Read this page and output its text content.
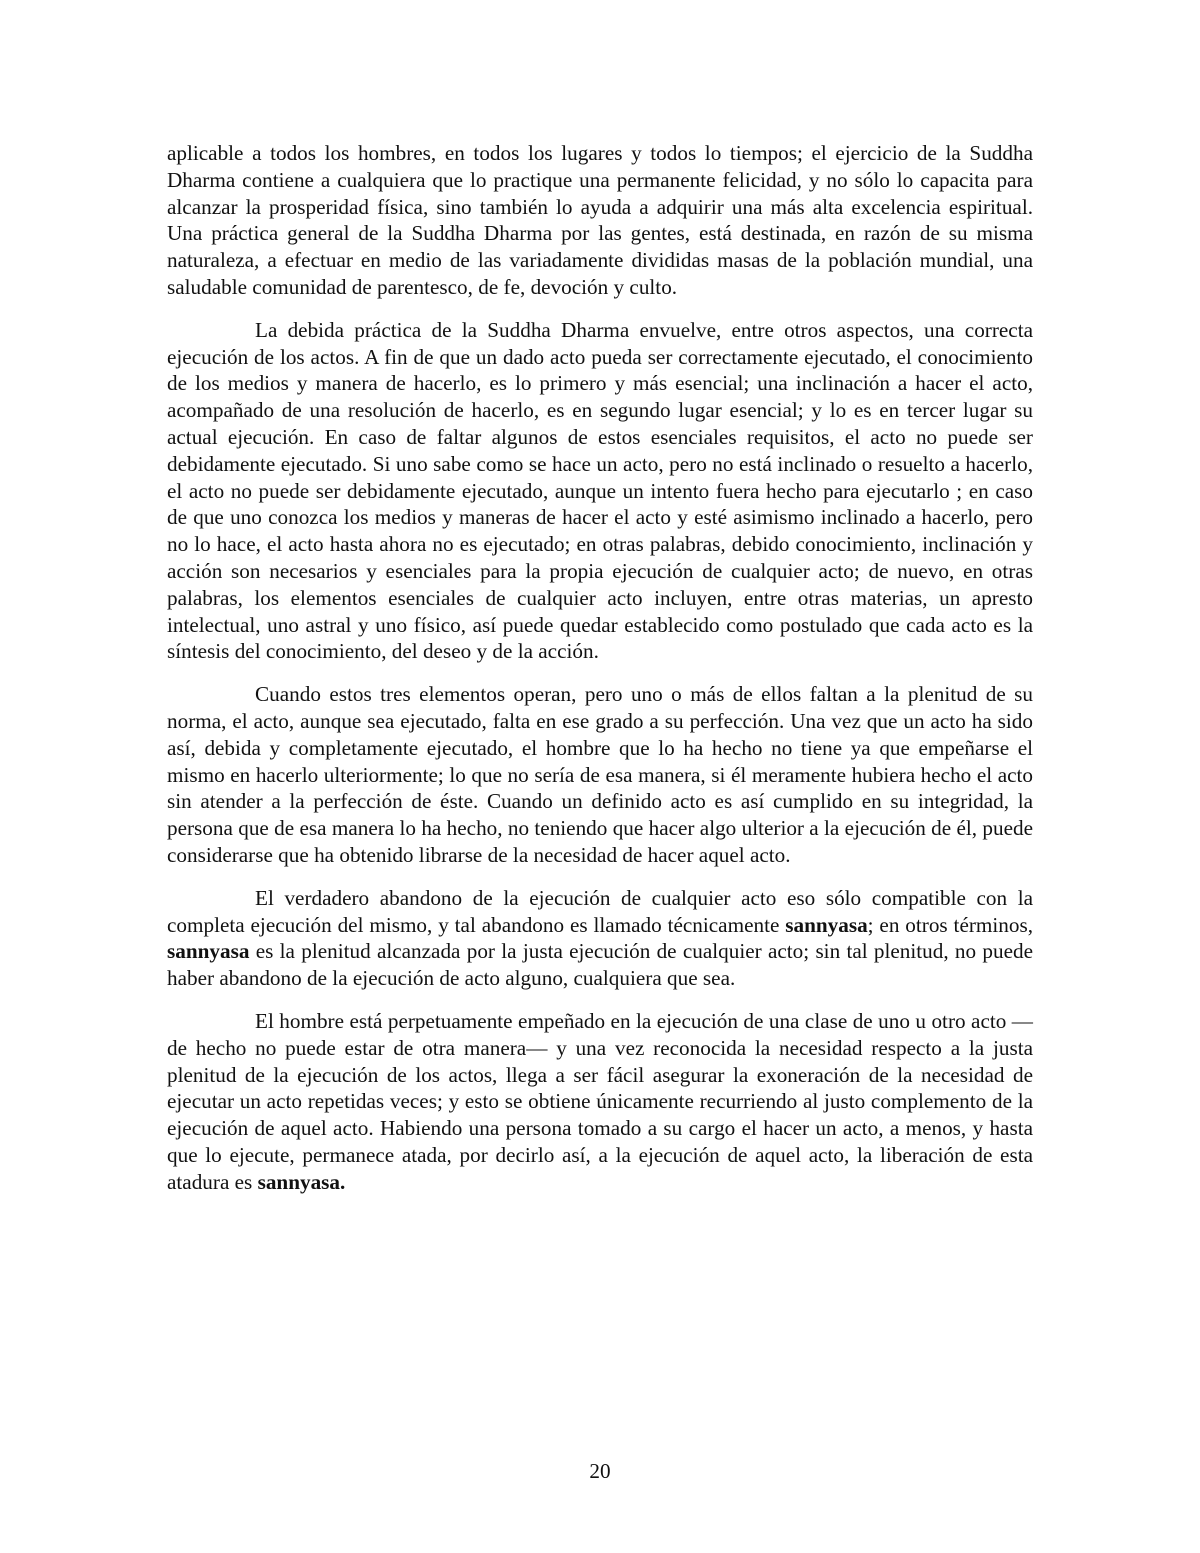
aplicable a todos los hombres, en todos los lugares y todos lo tiempos; el ejercicio de la Suddha Dharma contiene a cualquiera que lo practique una permanente felicidad, y no sólo lo capacita para alcanzar la prosperidad física, sino también lo ayuda a adquirir una más alta excelencia espiritual. Una práctica general de la Suddha Dharma por las gentes, está destinada, en razón de su misma naturaleza, a efectuar en medio de las variadamente divididas masas de la población mundial, una saludable comunidad de parentesco, de fe, devoción y culto.

La debida práctica de la Suddha Dharma envuelve, entre otros aspectos, una correcta ejecución de los actos. A fin de que un dado acto pueda ser correctamente ejecutado, el conocimiento de los medios y manera de hacerlo, es lo primero y más esencial; una inclinación a hacer el acto, acompañado de una resolución de hacerlo, es en segundo lugar esencial; y lo es en tercer lugar su actual ejecución. En caso de faltar algunos de estos esenciales requisitos, el acto no puede ser debidamente ejecutado. Si uno sabe como se hace un acto, pero no está inclinado o resuelto a hacerlo, el acto no puede ser debidamente ejecutado, aunque un intento fuera hecho para ejecutarlo ; en caso de que uno conozca los medios y maneras de hacer el acto y esté asimismo inclinado a hacerlo, pero no lo hace, el acto hasta ahora no es ejecutado; en otras palabras, debido conocimiento, inclinación y acción son necesarios y esenciales para la propia ejecución de cualquier acto; de nuevo, en otras palabras, los elementos esenciales de cualquier acto incluyen, entre otras materias, un apresto intelectual, uno astral y uno físico, así puede quedar establecido como postulado que cada acto es la síntesis del conocimiento, del deseo y de la acción.

Cuando estos tres elementos operan, pero uno o más de ellos faltan a la plenitud de su norma, el acto, aunque sea ejecutado, falta en ese grado a su perfección. Una vez que un acto ha sido así, debida y completamente ejecutado, el hombre que lo ha hecho no tiene ya que empeñarse el mismo en hacerlo ulteriormente; lo que no sería de esa manera, si él meramente hubiera hecho el acto sin atender a la perfección de éste. Cuando un definido acto es así cumplido en su integridad, la persona que de esa manera lo ha hecho, no teniendo que hacer algo ulterior a la ejecución de él, puede considerarse que ha obtenido librarse de la necesidad de hacer aquel acto.

El verdadero abandono de la ejecución de cualquier acto eso sólo compatible con la completa ejecución del mismo, y tal abandono es llamado técnicamente sannyasa; en otros términos, sannyasa es la plenitud alcanzada por la justa ejecución de cualquier acto; sin tal plenitud, no puede haber abandono de la ejecución de acto alguno, cualquiera que sea.

El hombre está perpetuamente empeñado en la ejecución de una clase de uno u otro acto —de hecho no puede estar de otra manera— y una vez reconocida la necesidad respecto a la justa plenitud de la ejecución de los actos, llega a ser fácil asegurar la exoneración de la necesidad de ejecutar un acto repetidas veces; y esto se obtiene únicamente recurriendo al justo complemento de la ejecución de aquel acto. Habiendo una persona tomado a su cargo el hacer un acto, a menos, y hasta que lo ejecute, permanece atada, por decirlo así, a la ejecución de aquel acto, la liberación de esta atadura es sannyasa.

20
